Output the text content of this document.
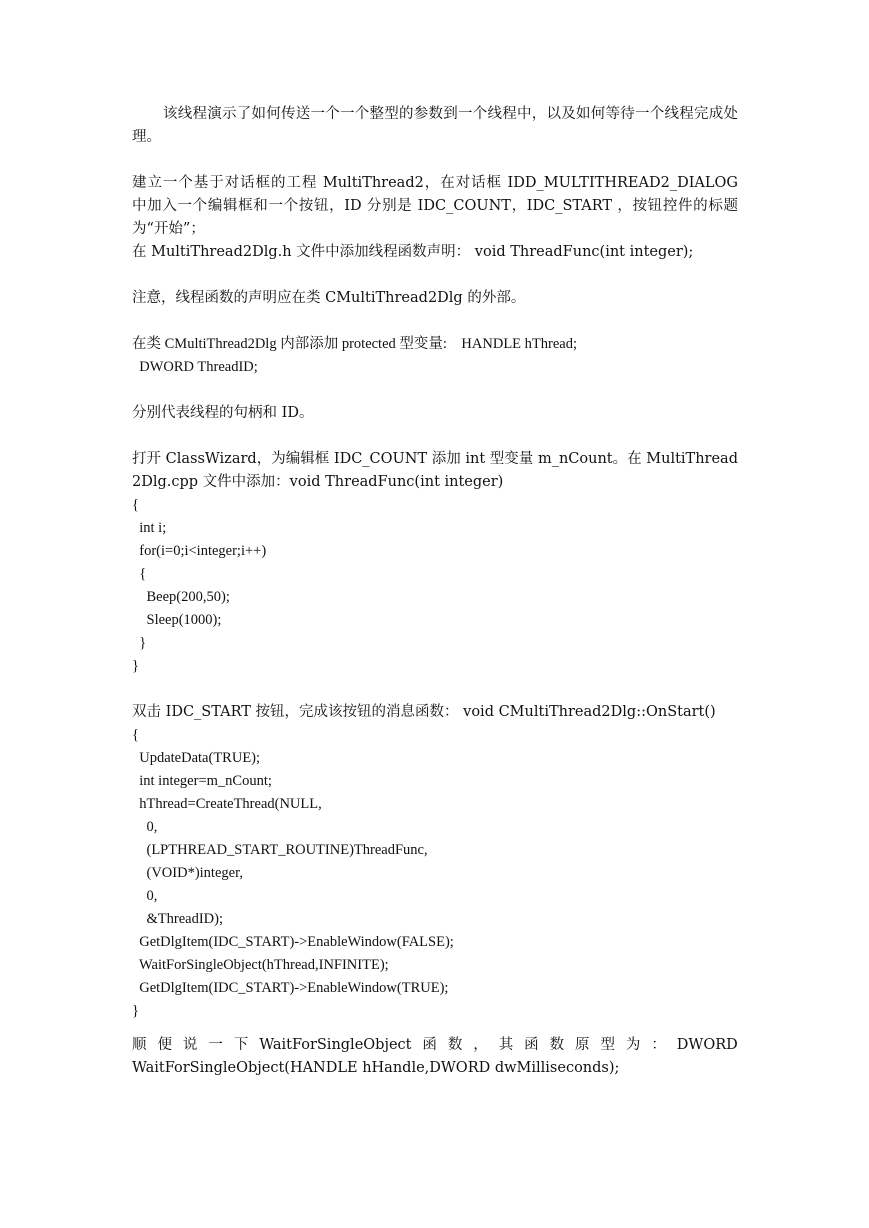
该线程演示了如何传送一个一个整型的参数到一个线程中，以及如何等待一个线程完成处理。

建立一个基于对话框的工程 MultiThread2，在对话框 IDD_MULTITHREAD2_DIALOG 中加入一个编辑框和一个按钮，ID 分别是 IDC_COUNT，IDC_START ，按钮控件的标题为“开始”；

在 MultiThread2Dlg.h 文件中添加线程函数声明： void ThreadFunc(int integer);

注意，线程函数的声明应在类 CMultiThread2Dlg 的外部。

在类 CMultiThread2Dlg 内部添加 protected 型变量:    HANDLE hThread;

DWORD ThreadID;

分别代表线程的句柄和 ID。

打开 ClassWizard，为编辑框 IDC_COUNT 添加 int 型变量 m_nCount。在 MultiThread2Dlg.cpp 文件中添加：void ThreadFunc(int integer)

{

int i;

for(i=0;i<integer;i++)

{

Beep(200,50);

Sleep(1000);

}

}

双击 IDC_START 按钮，完成该按钮的消息函数： void CMultiThread2Dlg::OnStart()

{

UpdateData(TRUE);

int integer=m_nCount;

hThread=CreateThread(NULL,

0,

(LPTHREAD_START_ROUTINE)ThreadFunc,

(VOID*)integer,

0,

&ThreadID);

GetDlgItem(IDC_START)->EnableWindow(FALSE);

WaitForSingleObject(hThread,INFINITE);

GetDlgItem(IDC_START)->EnableWindow(TRUE);

}

顺 便 说 一 下 WaitForSingleObject 函 数 ， 其 函 数 原 型 为 ： DWORD

WaitForSingleObject(HANDLE hHandle,DWORD dwMilliseconds);
